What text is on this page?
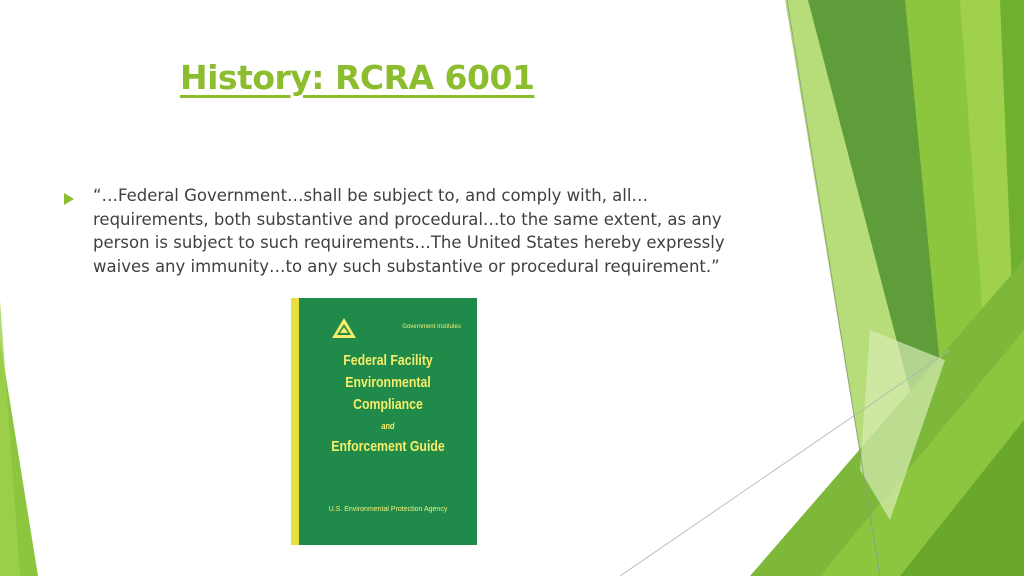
History: RCRA 6001
“…Federal Government…shall be subject to, and comply with, all…requirements, both substantive and procedural…to the same extent, as any person is subject to such requirements…The United States hereby expressly waives any immunity…to any such substantive or procedural requirement.”
Government Institutes
Federal Facility
Environmental
Compliance
and
Enforcement Guide
U.S. Environmental Protection Agency
